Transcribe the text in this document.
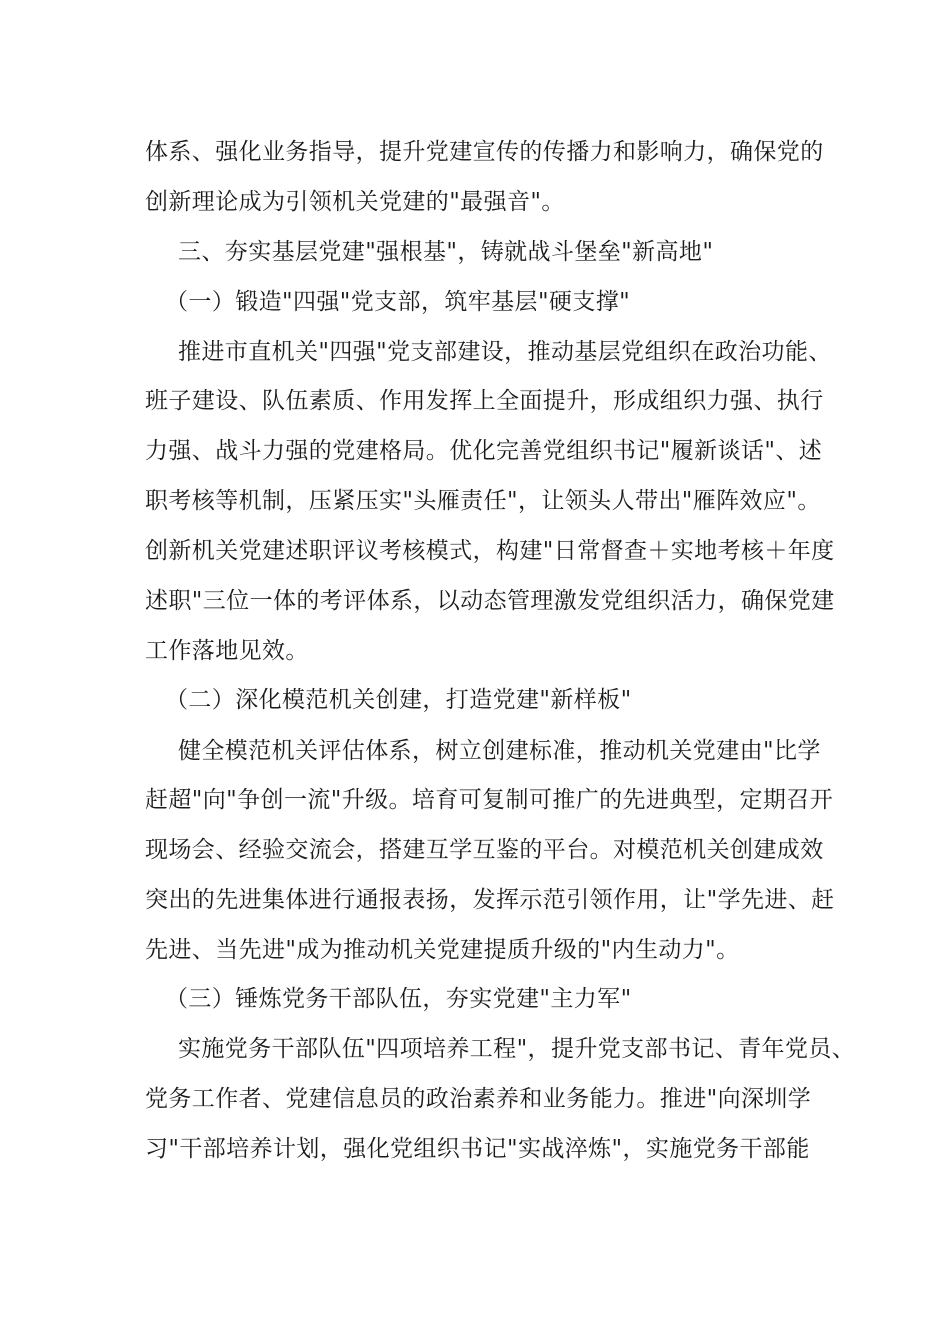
体系、强化业务指导，提升党建宣传的传播力和影响力，确保党的
创新理论成为引领机关党建的"最强音"。
三、夯实基层党建"强根基"，铸就战斗堡垒"新高地"
（一）锻造"四强"党支部，筑牢基层"硬支撑"
推进市直机关"四强"党支部建设，推动基层党组织在政治功能、
班子建设、队伍素质、作用发挥上全面提升，形成组织力强、执行
力强、战斗力强的党建格局。优化完善党组织书记"履新谈话"、述
职考核等机制，压紧压实"头雁责任"，让领头人带出"雁阵效应"。
创新机关党建述职评议考核模式，构建"日常督查＋实地考核＋年度
述职"三位一体的考评体系，以动态管理激发党组织活力，确保党建
工作落地见效。
（二）深化模范机关创建，打造党建"新样板"
健全模范机关评估体系，树立创建标准，推动机关党建由"比学
赶超"向"争创一流"升级。培育可复制可推广的先进典型，定期召开
现场会、经验交流会，搭建互学互鉴的平台。对模范机关创建成效
突出的先进集体进行通报表扬，发挥示范引领作用，让"学先进、赶
先进、当先进"成为推动机关党建提质升级的"内生动力"。
（三）锤炼党务干部队伍，夯实党建"主力军"
实施党务干部队伍"四项培养工程"，提升党支部书记、青年党员、
党务工作者、党建信息员的政治素养和业务能力。推进"向深圳学
习"干部培养计划，强化党组织书记"实战淬炼"，实施党务干部能
